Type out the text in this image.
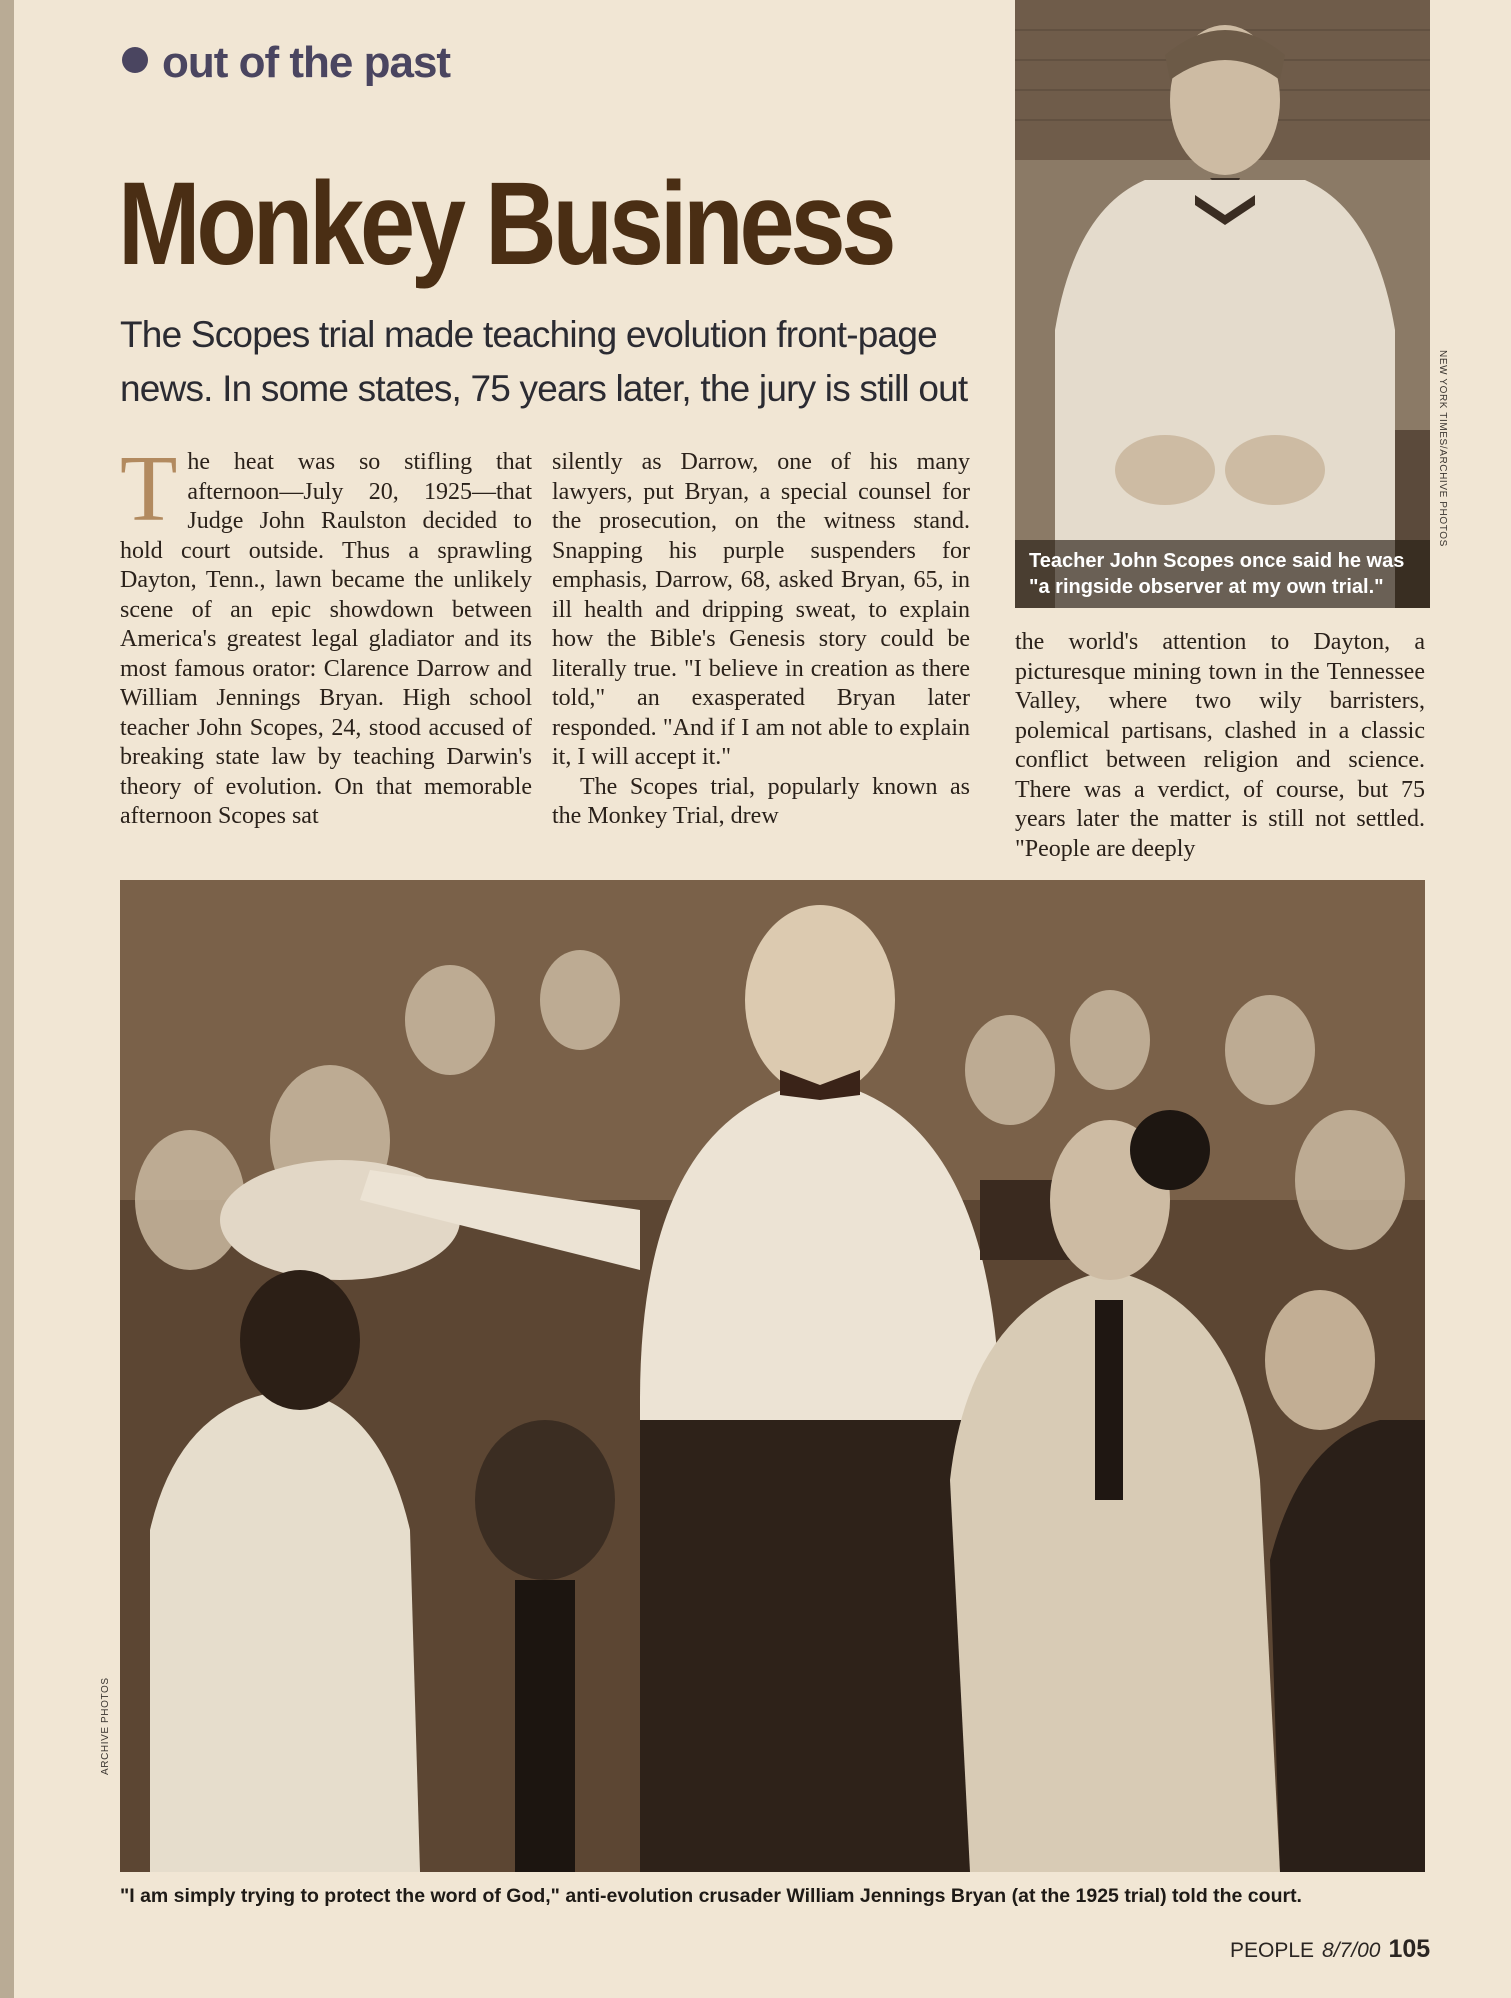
out of the past
Monkey Business
The Scopes trial made teaching evolution front-page news. In some states, 75 years later, the jury is still out

The heat was so stifling that afternoon—July 20, 1925—that Judge John Raulston decided to hold court outside. Thus a sprawling Dayton, Tenn., lawn became the unlikely scene of an epic showdown between America's greatest legal gladiator and its most famous orator: Clarence Darrow and William Jennings Bryan. High school teacher John Scopes, 24, stood accused of breaking state law by teaching Darwin's theory of evolution. On that memorable afternoon Scopes sat

silently as Darrow, one of his many lawyers, put Bryan, a special counsel for the prosecution, on the witness stand. Snapping his purple suspenders for emphasis, Darrow, 68, asked Bryan, 65, in ill health and dripping sweat, to explain how the Bible's Genesis story could be literally true. "I believe in creation as there told," an exasperated Bryan later responded. "And if I am not able to explain it, I will accept it."

The Scopes trial, popularly known as the Monkey Trial, drew

the world's attention to Dayton, a picturesque mining town in the Tennessee Valley, where two wily barristers, polemical partisans, clashed in a classic conflict between religion and science. There was a verdict, of course, but 75 years later the matter is still not settled. "People are deeply

Teacher John Scopes once said he was "a ringside observer at my own trial."
NEW YORK TIMES/ARCHIVE PHOTOS
ARCHIVE PHOTOS
"I am simply trying to protect the word of God," anti-evolution crusader William Jennings Bryan (at the 1925 trial) told the court.
PEOPLE 8/7/00 105
